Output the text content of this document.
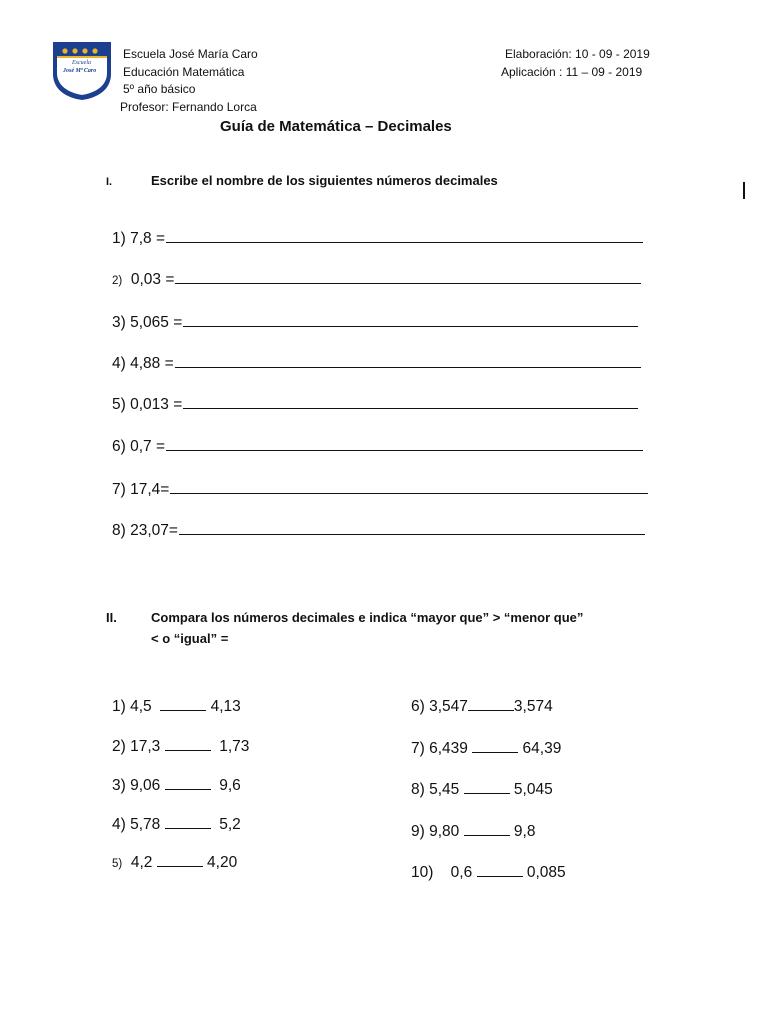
Escuela
José Mª Caro
CHILLAN
Escuela José María Caro
Educación Matemática
5º año básico
Profesor: Fernando Lorca
Elaboración: 10 - 09 - 2019
Aplicación : 11 – 09 - 2019
Guía de Matemática – Decimales
I.	Escribe el nombre de los siguientes números decimales
1) 7,8 =
2) 0,03 =
3) 5,065 =
4) 4,88 =
5) 0,013 =
6) 0,7 =
7) 17,4=
8) 23,07=
II.	Compara los números decimales e indica “mayor que” > “menor que”
< o “igual” =
1) 4,5	4,13
2) 17,3	1,73
3) 9,06	9,6
4) 5,78	5,2
5) 4,2	4,20
6) 3,547	3,574
7) 6,439	64,39
8) 5,45	5,045
9) 9,80	9,8
10) 0,6	0,085
